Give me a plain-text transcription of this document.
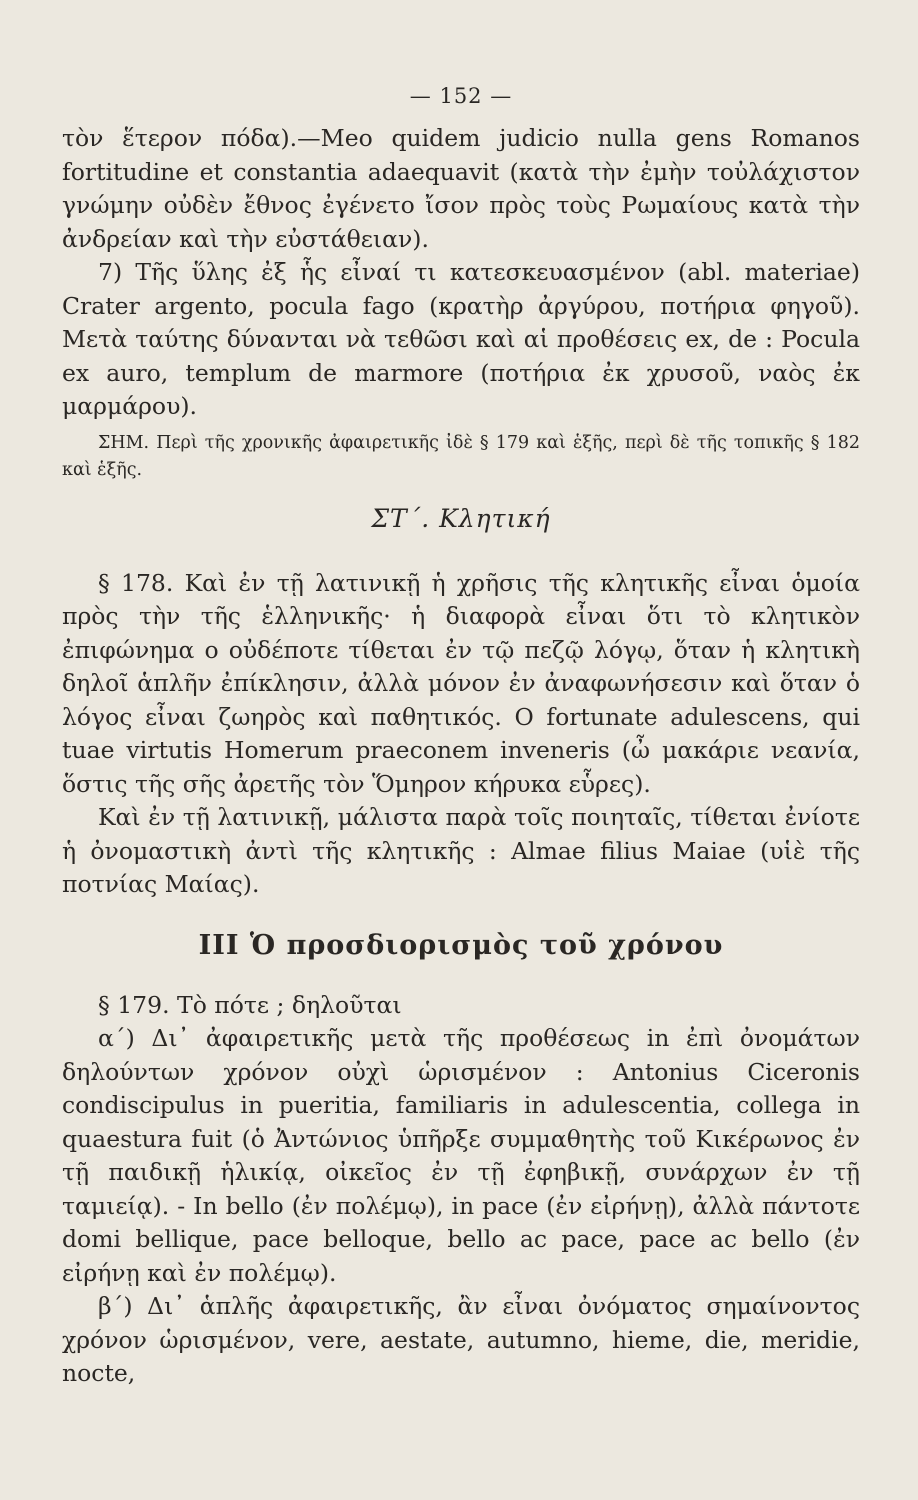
— 152 —

τὸν ἕτερον πόδα).—Meo quidem judicio nulla gens Romanos fortitudine et constantia adaequavit (κατὰ τὴν ἐμὴν τοὐλάχιστον γνώμην οὐδὲν ἔθνος ἐγένετο ἴσον πρὸς τοὺς Ρωμαίους κατὰ τὴν ἀνδρείαν καὶ τὴν εὐστάθειαν).

7) Τῆς ὕλης ἐξ ἧς εἶναί τι κατεσκευασμένον (abl. materiae) Crater argento, pocula fago (κρατὴρ ἀργύρου, ποτήρια φηγοῦ). Μετὰ ταύτης δύνανται νὰ τεθῶσι καὶ αἱ προθέσεις ex, de : Pocula ex auro, templum de marmore (ποτήρια ἐκ χρυσοῦ, ναὸς ἐκ μαρμάρου).

ΣΗΜ. Περὶ τῆς χρονικῆς ἀφαιρετικῆς ἰδὲ § 179 καὶ ἑξῆς, περὶ δὲ τῆς τοπικῆς § 182 καὶ ἑξῆς.

ΣΤ΄. Κλητική

§ 178. Καὶ ἐν τῇ λατινικῇ ἡ χρῆσις τῆς κλητικῆς εἶναι ὁμοία πρὸς τὴν τῆς ἑλληνικῆς· ἡ διαφορὰ εἶναι ὅτι τὸ κλητικὸν ἐπιφώνημα ο οὐδέποτε τίθεται ἐν τῷ πεζῷ λόγῳ, ὅταν ἡ κλητικὴ δηλοῖ ἁπλῆν ἐπίκλησιν, ἀλλὰ μόνον ἐν ἀναφωνήσεσιν καὶ ὅταν ὁ λόγος εἶναι ζωηρὸς καὶ παθητικός. O fortunate adulescens, qui tuae virtutis Homerum praeconem inveneris (ὦ μακάριε νεανία, ὅστις τῆς σῆς ἀρετῆς τὸν Ὅμηρον κήρυκα εὗρες).

Καὶ ἐν τῇ λατινικῇ, μάλιστα παρὰ τοῖς ποιηταῖς, τίθεται ἐνίοτε ἡ ὀνομαστικὴ ἀντὶ τῆς κλητικῆς : Almae filius Maiae (υἱὲ τῆς ποτνίας Μαίας).

ΙΙΙ Ὁ προσδιορισμὸς τοῦ χρόνου

§ 179. Τὸ πότε ; δηλοῦται

α΄) Δι᾽ ἀφαιρετικῆς μετὰ τῆς προθέσεως in ἐπὶ ὀνομάτων δηλούντων χρόνον οὐχὶ ὡρισμένον : Antonius Ciceronis condiscipulus in pueritia, familiaris in adulescentia, collega in quaestura fuit (ὁ Ἀντώνιος ὑπῆρξε συμμαθητὴς τοῦ Κικέρωνος ἐν τῇ παιδικῇ ἡλικίᾳ, οἰκεῖος ἐν τῇ ἐφηβικῇ, συνάρχων ἐν τῇ ταμιείᾳ). - In bello (ἐν πολέμῳ), in pace (ἐν εἰρήνῃ), ἀλλὰ πάντοτε domi bellique, pace belloque, bello ac pace, pace ac bello (ἐν εἰρήνῃ καὶ ἐν πολέμῳ).

β΄) Δι᾽ ἁπλῆς ἀφαιρετικῆς, ἂν εἶναι ὀνόματος σημαίνοντος χρόνον ὡρισμένον, vere, aestate, autumno, hieme, die, meridie, nocte,
